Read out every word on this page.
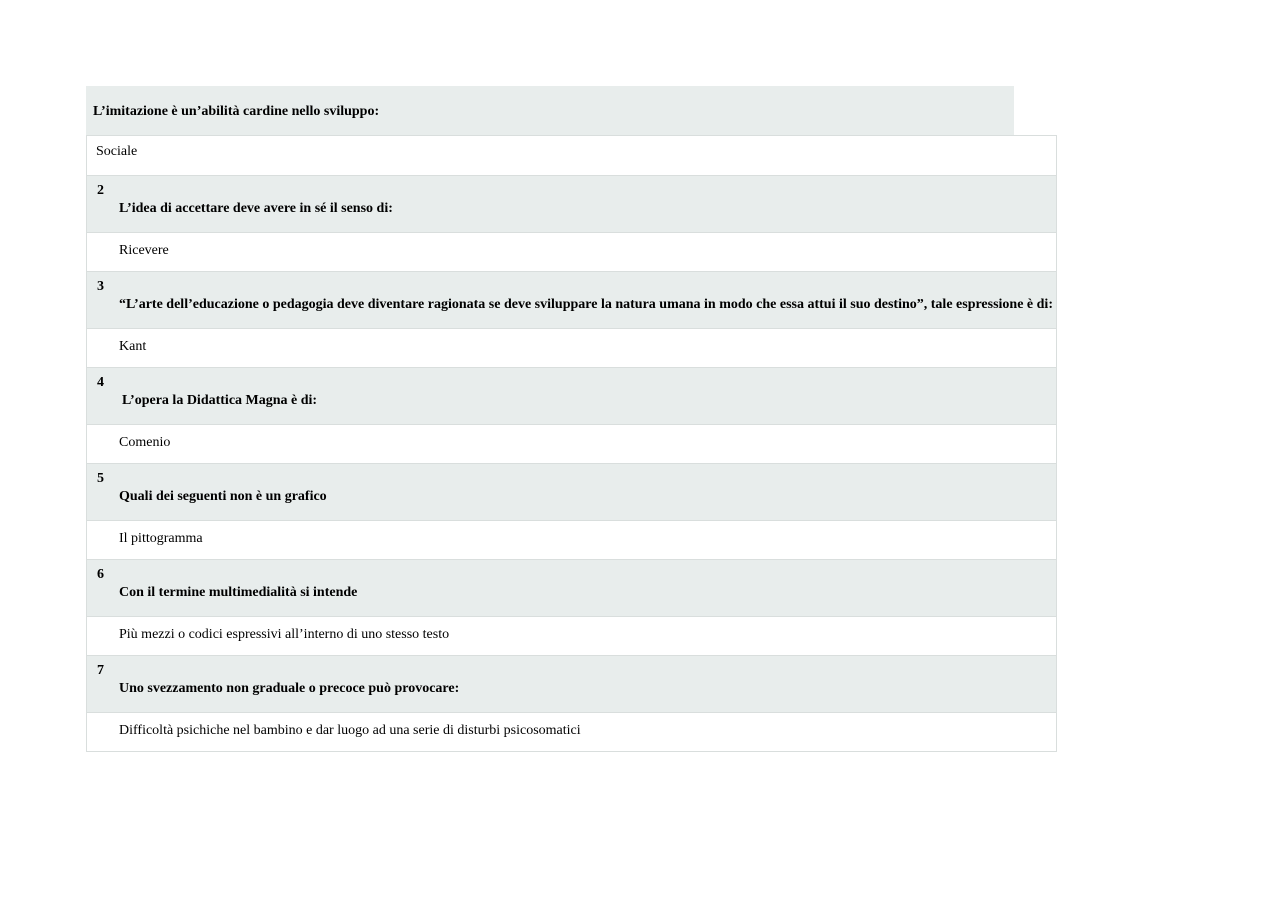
L’imitazione è un’abilità cardine nello sviluppo:
Sociale
2
L’idea di accettare deve avere in sé il senso di:
Ricevere
3
“L’arte dell’educazione o pedagogia deve diventare ragionata se deve sviluppare la natura umana in modo che essa attui il suo destino”, tale espressione è di:
Kant
4
L’opera la Didattica Magna è di:
Comenio
5
Quali dei seguenti non è un grafico
Il pittogramma
6
Con il termine multimedialità si intende
Più mezzi o codici espressivi all’interno di uno stesso testo
7
Uno svezzamento non graduale o precoce può provocare:
Difficoltà psichiche nel bambino e dar luogo ad una serie di disturbi psicosomatici
